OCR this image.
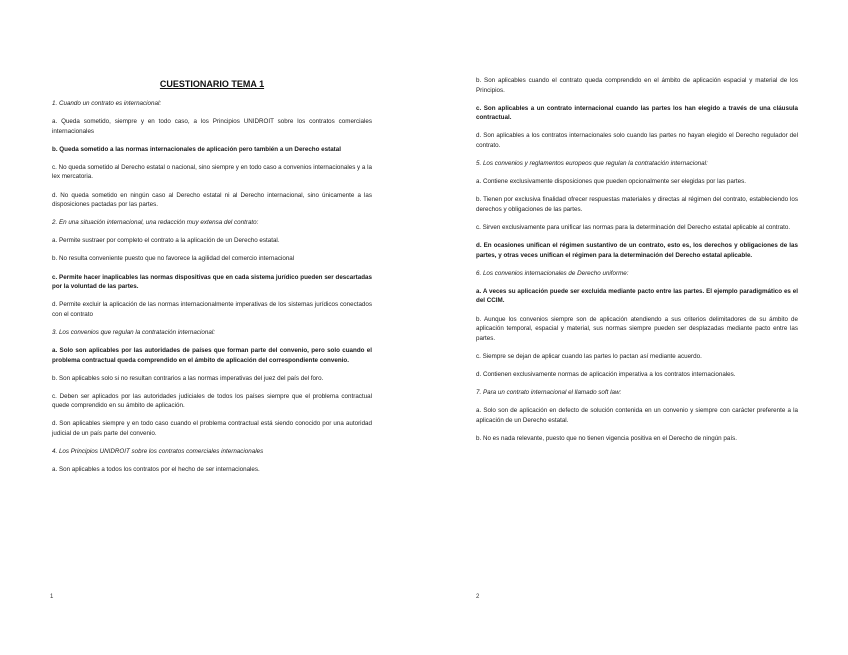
CUESTIONARIO TEMA 1

1. Cuando un contrato es internacional:

a. Queda sometido, siempre y en todo caso, a los Principios UNIDROIT sobre los contratos comerciales internacionales

b. Queda sometido a las normas internacionales de aplicación pero también a un Derecho estatal

c. No queda sometido al Derecho estatal o nacional, sino siempre y en todo caso a convenios internacionales y a la lex mercatoria.

d. No queda sometido en ningún caso al Derecho estatal ni al Derecho internacional, sino únicamente a las disposiciones pactadas por las partes.

2. En una situación internacional, una redacción muy extensa del contrato:

a. Permite sustraer por completo el contrato a la aplicación de un Derecho estatal.

b. No resulta conveniente puesto que no favorece la agilidad del comercio internacional

c. Permite hacer inaplicables las normas dispositivas que en cada sistema jurídico pueden ser descartadas por la voluntad de las partes.

d. Permite excluir la aplicación de las normas internacionalmente imperativas de los sistemas jurídicos conectados con el contrato

3. Los convenios que regulan la contratación internacional:

a. Solo son aplicables por las autoridades de países que forman parte del convenio, pero solo cuando el problema contractual queda comprendido en el ámbito de aplicación del correspondiente convenio.

b. Son aplicables solo si no resultan contrarios a las normas imperativas del juez del país del foro.

c. Deben ser aplicados por las autoridades judiciales de todos los países siempre que el problema contractual quede comprendido en su ámbito de aplicación.

d. Son aplicables siempre y en todo caso cuando el problema contractual está siendo conocido por una autoridad judicial de un país parte del convenio.

4. Los Principios UNIDROIT sobre los contratos comerciales internacionales

a. Son aplicables a todos los contratos por el hecho de ser internacionales.

1

b. Son aplicables cuando el contrato queda comprendido en el ámbito de aplicación espacial y material de los Principios.

c. Son aplicables a un contrato internacional cuando las partes los han elegido a través de una cláusula contractual.

d. Son aplicables a los contratos internacionales solo cuando las partes no hayan elegido el Derecho regulador del contrato.

5. Los convenios y reglamentos europeos que regulan la contratación internacional:

a. Contiene exclusivamente disposiciones que pueden opcionalmente ser elegidas por las partes.

b. Tienen por exclusiva finalidad ofrecer respuestas materiales y directas al régimen del contrato, estableciendo los derechos y obligaciones de las partes.

c. Sirven exclusivamente para unificar las normas para la determinación del Derecho estatal aplicable al contrato.

d. En ocasiones unifican el régimen sustantivo de un contrato, esto es, los derechos y obligaciones de las partes, y otras veces unifican el régimen para la determinación del Derecho estatal aplicable.

6. Los convenios internacionales de Derecho uniforme:

a. A veces su aplicación puede ser excluida mediante pacto entre las partes. El ejemplo paradigmático es el del CCIM.

b. Aunque los convenios siempre son de aplicación atendiendo a sus criterios delimitadores de su ámbito de aplicación temporal, espacial y material, sus normas siempre pueden ser desplazadas mediante pacto entre las partes.

c. Siempre se dejan de aplicar cuando las partes lo pactan así mediante acuerdo.

d. Contienen exclusivamente normas de aplicación imperativa a los contratos internacionales.

7. Para un contrato internacional el llamado soft law:

a. Solo son de aplicación en defecto de solución contenida en un convenio y siempre con carácter preferente a la aplicación de un Derecho estatal.

b. No es nada relevante, puesto que no tienen vigencia positiva en el Derecho de ningún país.

2
